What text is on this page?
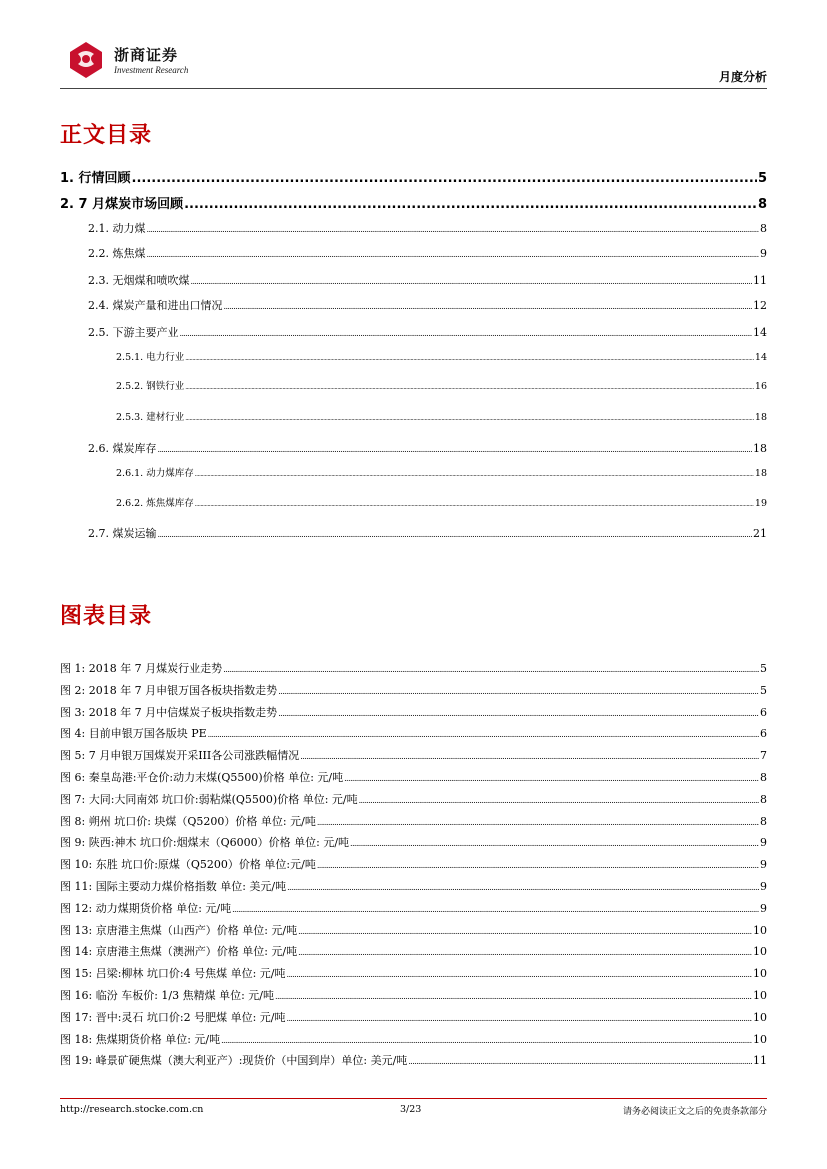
浙商证券
Investment Research	月度分析
正文目录
1. 行情回顾 .....	5
2. 7 月煤炭市场回顾 .....	8
2.1. 动力煤 .....	8
2.2. 炼焦煤 .....	9
2.3. 无烟煤和喷吹煤 .....	11
2.4. 煤炭产量和进出口情况 .....	12
2.5. 下游主要产业 .....	14
2.5.1. 电力行业 .....	14
2.5.2. 钢铁行业 .....	16
2.5.3. 建材行业 .....	18
2.6. 煤炭库存 .....	18
2.6.1. 动力煤库存 .....	18
2.6.2. 炼焦煤库存 .....	19
2.7. 煤炭运输 .....	21
图表目录
图 1: 2018 年 7 月煤炭行业走势 .....	5
图 2: 2018 年 7 月申银万国各板块指数走势 .....	5
图 3: 2018 年 7 月中信煤炭子板块指数走势 .....	6
图 4: 目前申银万国各版块 PE .....	6
图 5: 7 月申银万国煤炭开采III各公司涨跌幅情况 .....	7
图 6: 秦皇岛港:平仓价:动力末煤(Q5500)价格 单位: 元/吨 .....	8
图 7: 大同:大同南郊 坑口价:弱粘煤(Q5500)价格 单位: 元/吨 .....	8
图 8: 朔州 坑口价: 块煤（Q5200）价格 单位: 元/吨 .....	8
图 9: 陕西:神木 坑口价:烟煤末（Q6000）价格 单位: 元/吨 .....	9
图 10: 东胜 坑口价:原煤（Q5200）价格 单位:元/吨 .....	9
图 11: 国际主要动力煤价格指数 单位: 美元/吨 .....	9
图 12: 动力煤期货价格 单位: 元/吨 .....	9
图 13: 京唐港主焦煤（山西产）价格 单位: 元/吨 .....	10
图 14: 京唐港主焦煤（澳洲产）价格 单位: 元/吨 .....	10
图 15: 吕梁:柳林 坑口价:4 号焦煤 单位: 元/吨 .....	10
图 16: 临汾 车板价: 1/3 焦精煤 单位: 元/吨 .....	10
图 17: 晋中:灵石 坑口价:2 号肥煤 单位: 元/吨 .....	10
图 18: 焦煤期货价格 单位: 元/吨 .....	10
图 19: 峰景矿硬焦煤（澳大利亚产）:现货价（中国到岸）单位: 美元/吨 .....	11
http://research.stocke.com.cn	3/23	请务必阅读正文之后的免责条款部分
